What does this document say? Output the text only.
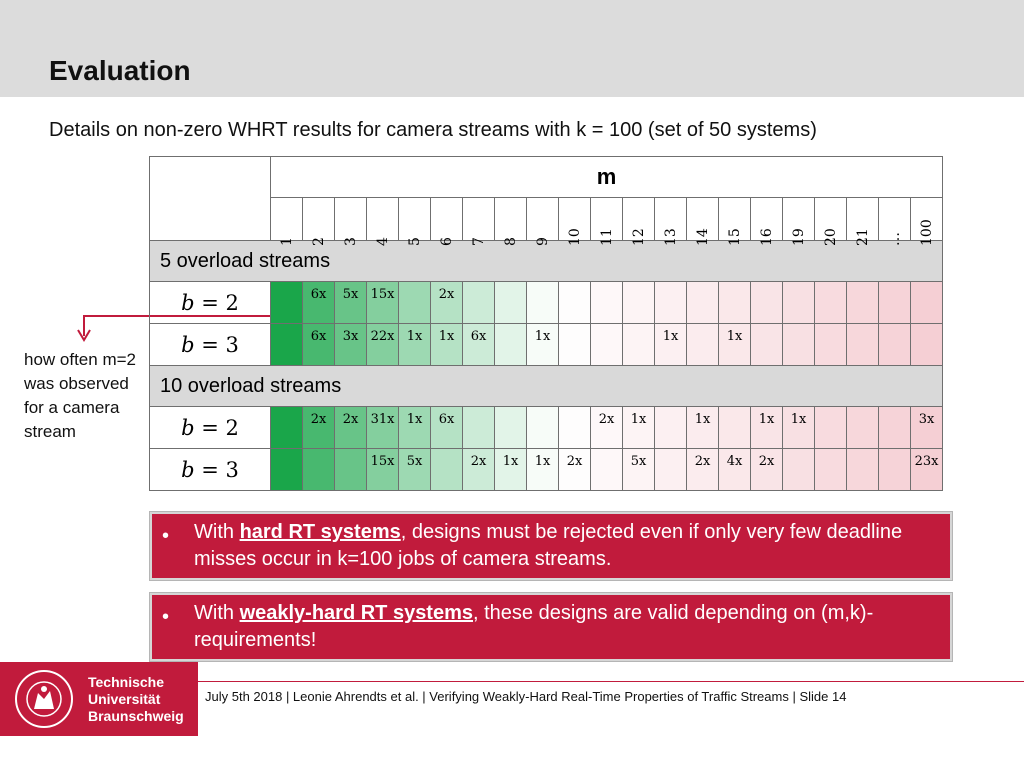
Evaluation
Details on non-zero WHRT results for camera streams with k = 100 (set of 50 systems)
how often m=2 was observed for a camera stream
	m																				

	1	2	3	4	5	6	7	8	9	10	11	12	13	14	15	16	19	20	21	…	100

5 overload streams																					
b = 2		6x	5x	15x		2x															
b = 3		6x	3x	22x	1x	1x	6x		1x				1x		1x						
10 overload streams																					
b = 2		2x	2x	31x	1x	6x					2x	1x		1x		1x	1x				3x
b = 3				15x	5x		2x	1x	1x	2x		5x		2x	4x	2x					23x
• With hard RT systems, designs must be rejected even if only very few deadline misses occur in k=100 jobs of camera streams.
• With weakly-hard RT systems, these designs are valid depending on (m,k)-requirements!
Technische
Universität
Braunschweig
July 5th 2018 | Leonie Ahrendts et al. | Verifying Weakly-Hard Real-Time Properties of Traffic Streams | Slide 14
